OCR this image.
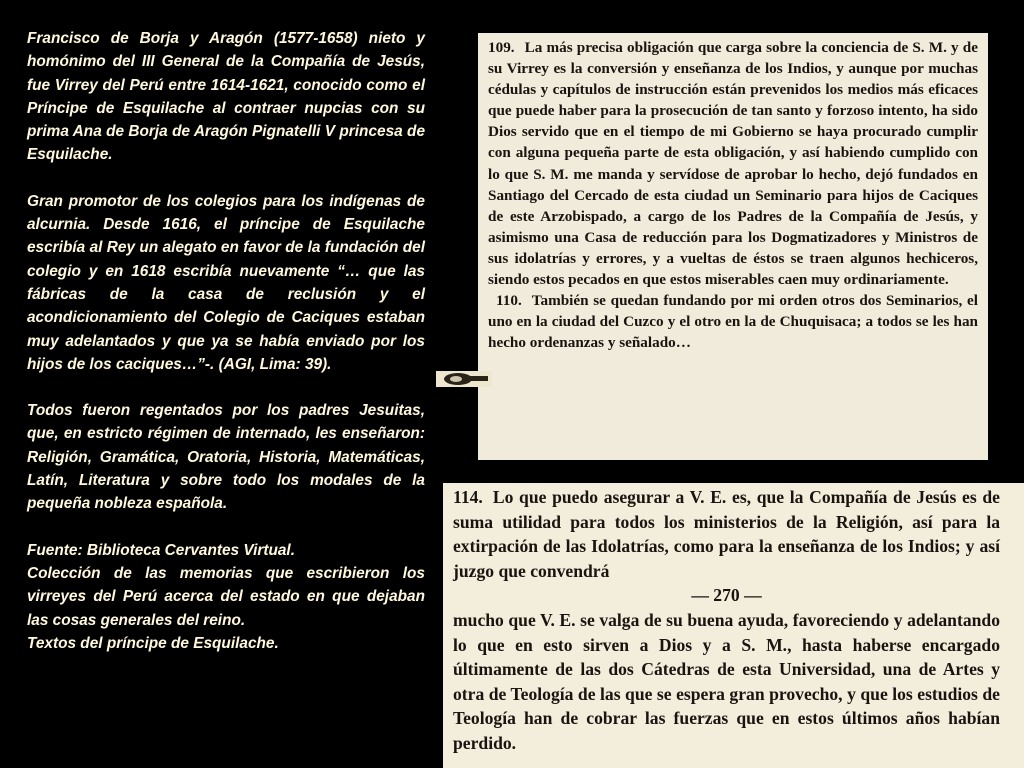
Francisco de Borja y Aragón (1577-1658) nieto y homónimo del III General de la Compañía de Jesús, fue Virrey del Perú entre 1614-1621, conocido como el Príncipe de Esquilache al contraer nupcias con su prima Ana de Borja de Aragón Pignatelli V princesa de Esquilache.

Gran promotor de los colegios para los indígenas de alcurnia. Desde 1616, el príncipe de Esquilache escribía al Rey un alegato en favor de la fundación del colegio y en 1618 escribía nuevamente “… que las fábricas de la casa de reclusión y el acondicionamiento del Colegio de Caciques estaban muy adelantados y que ya se había enviado por los hijos de los caciques…”-. (AGI, Lima: 39).

Todos fueron regentados por los padres Jesuitas, que, en estricto régimen de internado, les enseñaron: Religión, Gramática, Oratoria, Historia, Matemáticas, Latín, Literatura y sobre todo los modales de la pequeña nobleza española.

Fuente: Biblioteca Cervantes Virtual.

Colección de las memorias que escribieron los virreyes del Perú acerca del estado en que dejaban las cosas generales del reino.

Textos del príncipe de Esquilache.

109. La más precisa obligación que carga sobre la conciencia de S. M. y de su Virrey es la conversión y enseñanza de los Indios, y aunque por muchas cédulas y capítulos de instrucción están prevenidos los medios más eficaces que puede haber para la prosecución de tan santo y forzoso intento, ha sido Dios servido que en el tiempo de mi Gobierno se haya procurado cumplir con alguna pequeña parte de esta obligación, y así habiendo cumplido con lo que S. M. me manda y servídose de aprobar lo hecho, dejó fundados en Santiago del Cercado de esta ciudad un Seminario para hijos de Caciques de este Arzobispado, a cargo de los Padres de la Compañía de Jesús, y asimismo una Casa de reducción para los Dogmatizadores y Ministros de sus idolatrías y errores, y a vueltas de éstos se traen algunos hechiceros, siendo estos pecados en que estos miserables caen muy ordinariamente.

110. También se quedan fundando por mi orden otros dos Seminarios, el uno en la ciudad del Cuzco y el otro en la de Chuquisaca; a todos se les han hecho ordenanzas y señalado…

114. Lo que puedo asegurar a V. E. es, que la Compañía de Jesús es de suma utilidad para todos los ministerios de la Religión, así para la extirpación de las Idolatrías, como para la enseñanza de los Indios; y así juzgo que convendrá

— 270 —

mucho que V. E. se valga de su buena ayuda, favoreciendo y adelantando lo que en esto sirven a Dios y a S. M., hasta haberse encargado últimamente de las dos Cátedras de esta Universidad, una de Artes y otra de Teología de las que se espera gran provecho, y que los estudios de Teología han de cobrar las fuerzas que en estos últimos años habían perdido.
